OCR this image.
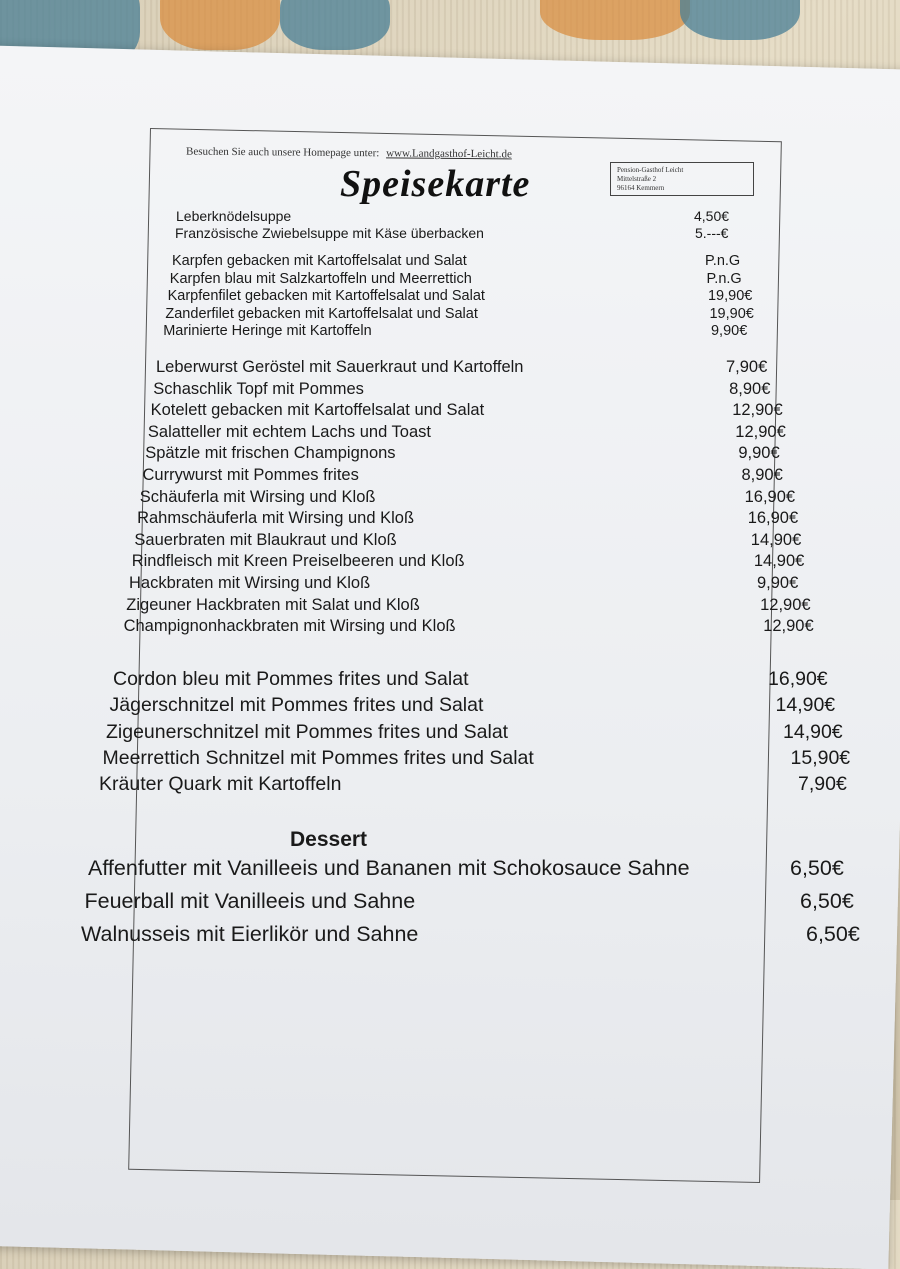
Besuchen Sie auch unsere Homepage unter: www.Landgasthof-Leicht.de
Speisekarte	Pension-Gasthof Leicht
Mittelstraße 2
96164 Kemmern
Leberknödelsuppe	4,50€
Französische Zwiebelsuppe mit Käse überbacken	5.---€
Karpfen gebacken mit Kartoffelsalat und Salat	P.n.G
Karpfen blau mit Salzkartoffeln und Meerrettich	P.n.G
Karpfenfilet gebacken mit Kartoffelsalat und Salat	19,90€
Zanderfilet gebacken mit Kartoffelsalat und Salat	19,90€
Marinierte Heringe mit Kartoffeln	9,90€
Leberwurst Geröstel mit Sauerkraut und Kartoffeln	7,90€
Schaschlik Topf mit Pommes	8,90€
Kotelett gebacken mit Kartoffelsalat und Salat	12,90€
Salatteller mit echtem Lachs und Toast	12,90€
Spätzle mit frischen Champignons	9,90€
Currywurst mit Pommes frites	8,90€
Schäuferla mit Wirsing und Kloß	16,90€
Rahmschäuferla mit Wirsing und Kloß	16,90€
Sauerbraten mit Blaukraut und Kloß	14,90€
Rindfleisch mit Kreen Preiselbeeren und Kloß	14,90€
Hackbraten mit Wirsing und Kloß	9,90€
Zigeuner Hackbraten mit Salat und Kloß	12,90€
Champignonhackbraten mit Wirsing und Kloß	12,90€
Cordon bleu mit Pommes frites und Salat	16,90€
Jägerschnitzel mit Pommes frites und Salat	14,90€
Zigeunerschnitzel mit Pommes frites und Salat	14,90€
Meerrettich Schnitzel mit Pommes frites und Salat	15,90€
Kräuter Quark mit Kartoffeln	7,90€
Affenfutter mit Vanilleeis und Bananen mit Schokosauce Sahne	6,50€
Feuerball mit Vanilleeis und Sahne	6,50€
Walnusseis mit Eierlikör und Sahne	6,50€
Dessert
